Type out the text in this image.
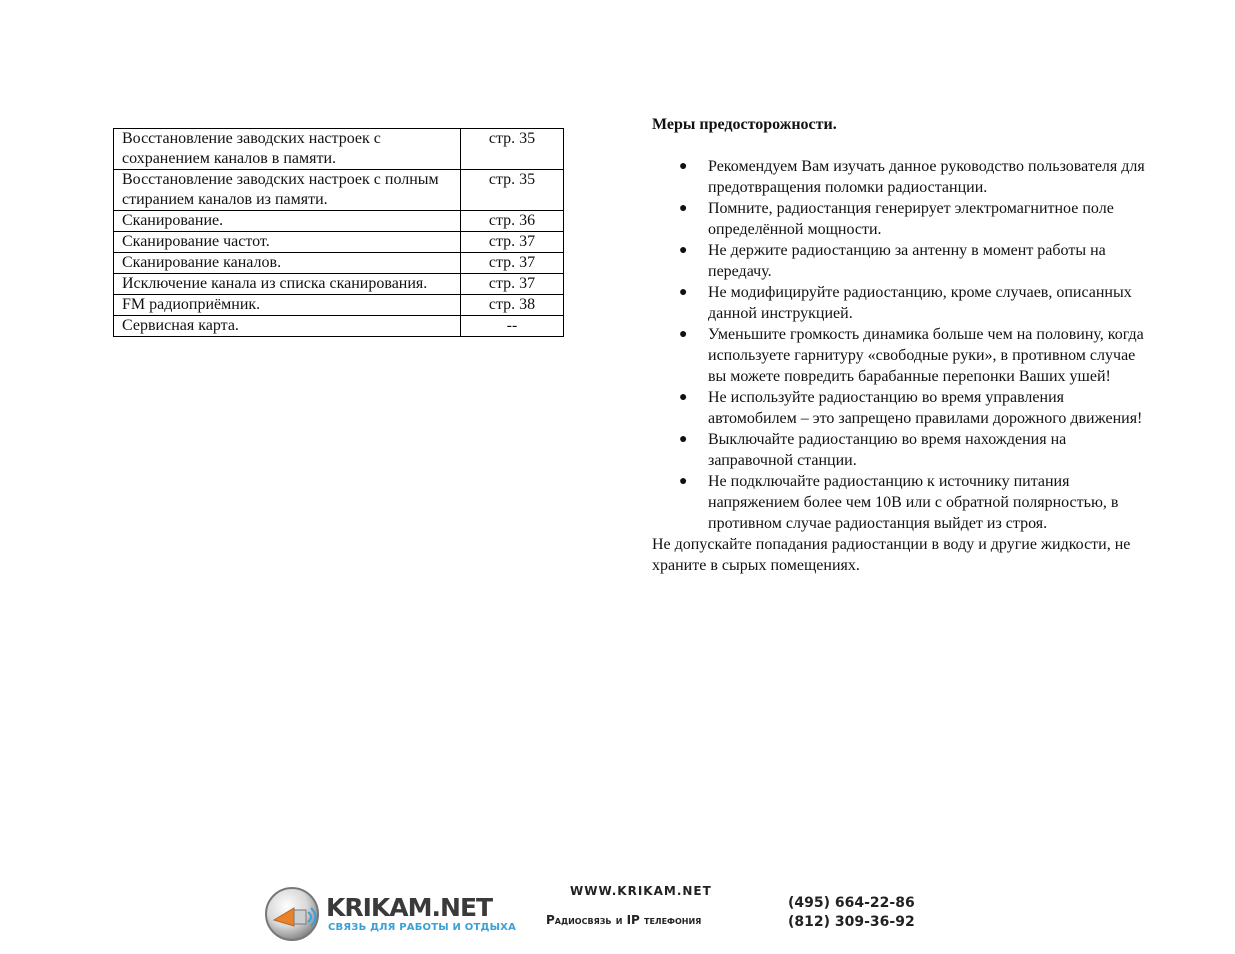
Восстановление заводских настроек с сохранением каналов в памяти.	стр. 35
Восстановление заводских настроек с полным стиранием каналов из памяти.	стр. 35
Сканирование.	стр. 36
Сканирование частот.	стр. 37
Сканирование каналов.	стр. 37
Исключение канала из списка сканирования.	стр. 37
FM радиоприёмник.	стр. 38
Сервисная карта.	--
Меры предосторожности.
● Рекомендуем Вам изучать данное руководство пользователя для предотвращения поломки радиостанции.
● Помните, радиостанция генерирует электромагнитное поле определённой мощности.
● Не держите радиостанцию за антенну в момент работы на передачу.
● Не модифицируйте радиостанцию, кроме случаев, описанных данной инструкцией.
● Уменьшите громкость динамика больше чем на половину, когда используете гарнитуру «свободные руки», в противном случае вы можете повредить барабанные перепонки Ваших ушей!
● Не используйте радиостанцию во время управления автомобилем – это запрещено правилами дорожного движения!
● Выключайте радиостанцию во время нахождения на заправочной станции.
● Не подключайте радиостанцию к источнику питания напряжением более чем 10В или с обратной полярностью, в противном случае радиостанция выйдет из строя.

Не допускайте попадания радиостанции в воду и другие жидкости, не храните в сырых помещениях.

KRIKAM.NET
СВЯЗЬ ДЛЯ РАБОТЫ И ОТДЫХА
WWW.KRIKAM.NET
Радиосвязь и IP телефония
(495) 664-22-86
(812) 309-36-92
